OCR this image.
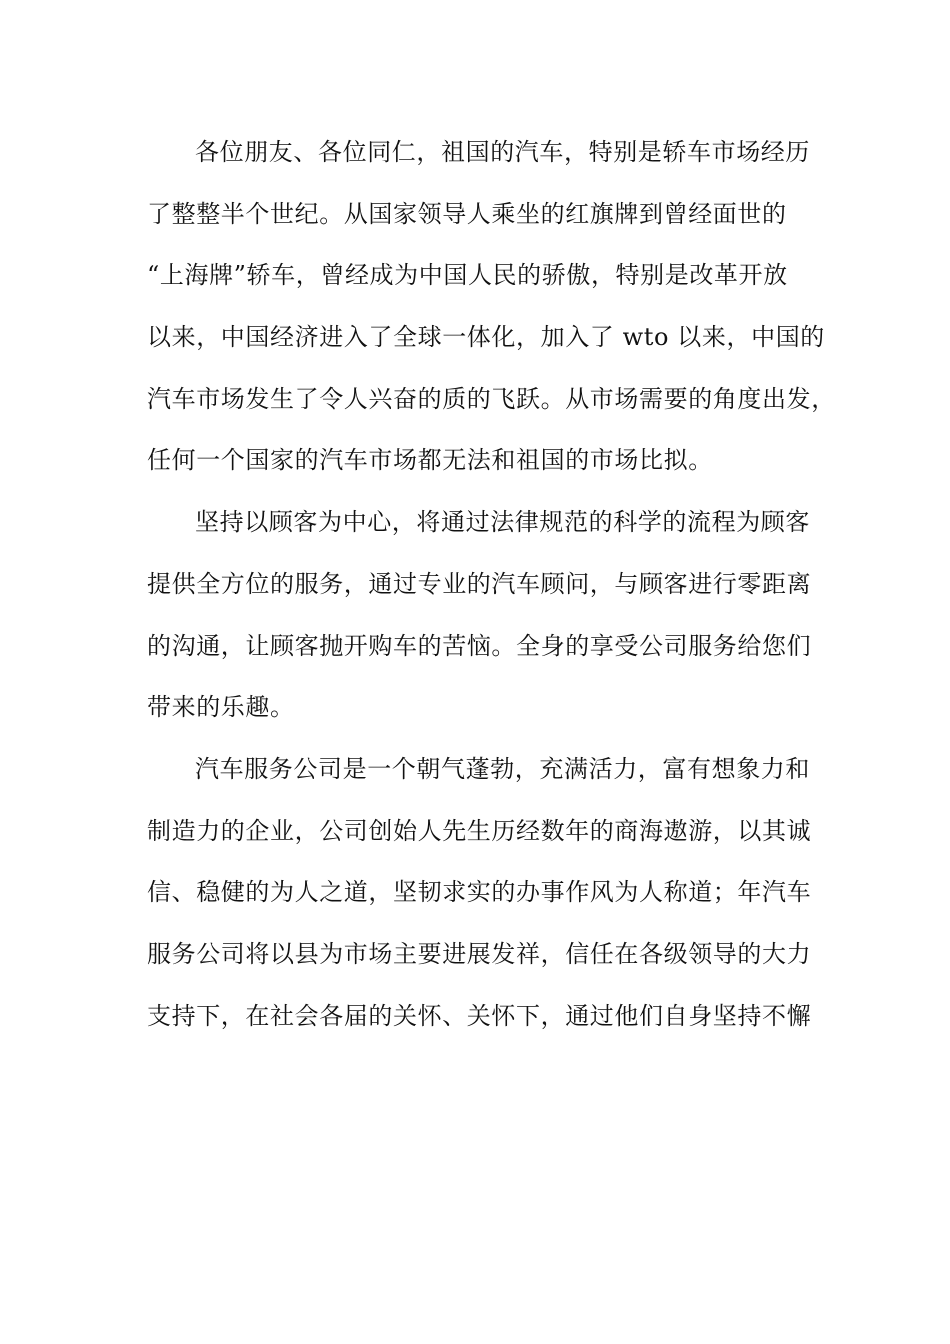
各位朋友、各位同仁，祖国的汽车，特别是轿车市场经历
了整整半个世纪。从国家领导人乘坐的红旗牌到曾经面世的
“上海牌”轿车，曾经成为中国人民的骄傲，特别是改革开放
以来，中国经济进入了全球一体化，加入了 wto 以来，中国的
汽车市场发生了令人兴奋的质的飞跃。从市场需要的角度出发，
任何一个国家的汽车市场都无法和祖国的市场比拟。
坚持以顾客为中心，将通过法律规范的科学的流程为顾客
提供全方位的服务，通过专业的汽车顾问，与顾客进行零距离
的沟通，让顾客抛开购车的苦恼。全身的享受公司服务给您们
带来的乐趣。
汽车服务公司是一个朝气蓬勃，充满活力，富有想象力和
制造力的企业，公司创始人先生历经数年的商海遨游，以其诚
信、稳健的为人之道，坚韧求实的办事作风为人称道；年汽车
服务公司将以县为市场主要进展发祥，信任在各级领导的大力
支持下，在社会各届的关怀、关怀下，通过他们自身坚持不懈
